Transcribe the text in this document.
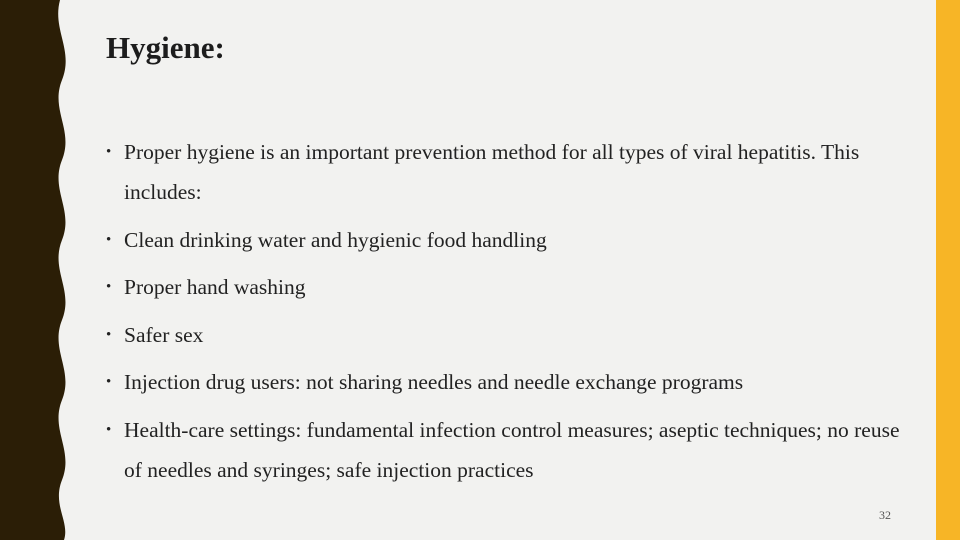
Hygiene:
• Proper hygiene is an important prevention method for all types of viral hepatitis. This includes:
• Clean drinking water and hygienic food handling
• Proper hand washing
• Safer sex
• Injection drug users: not sharing needles and needle exchange programs
• Health-care settings: fundamental infection control measures; aseptic techniques; no reuse of needles and syringes; safe injection practices
32
